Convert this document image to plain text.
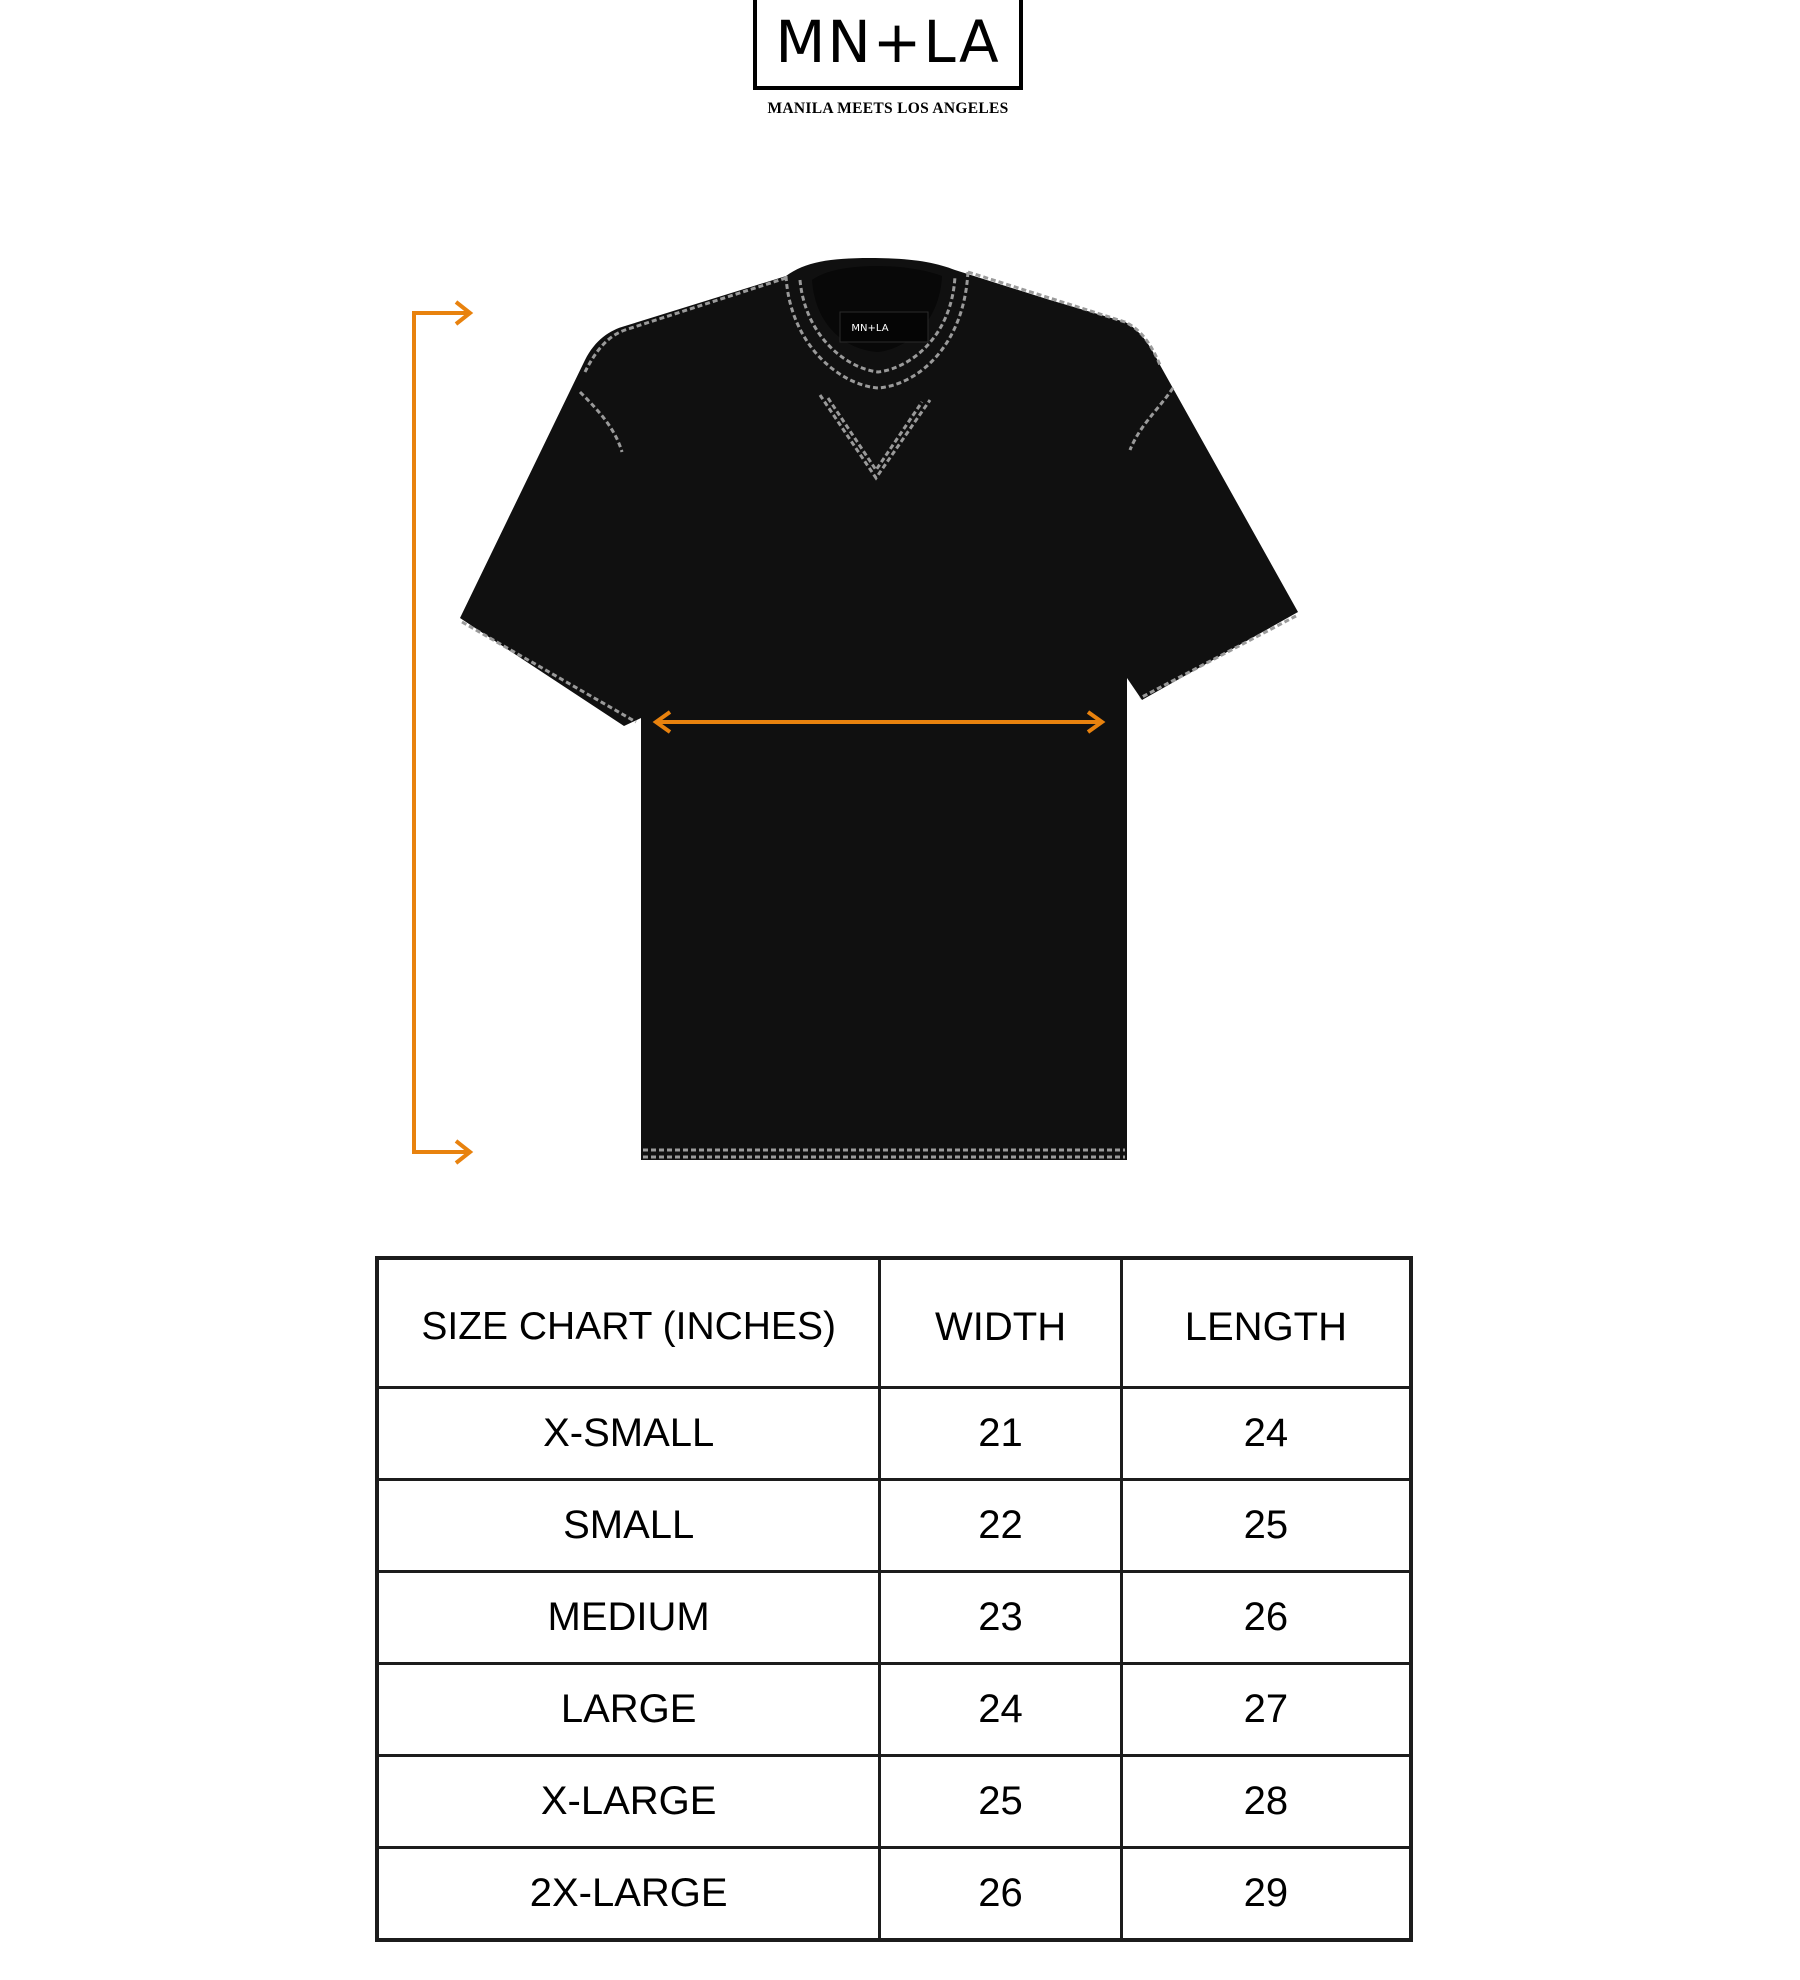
MN+LA
MANILA MEETS LOS ANGELES
MN+LA
SIZE CHART (INCHES)	WIDTH	LENGTH
X-SMALL	21	24
SMALL	22	25
MEDIUM	23	26
LARGE	24	27
X-LARGE	25	28
2X-LARGE	26	29
